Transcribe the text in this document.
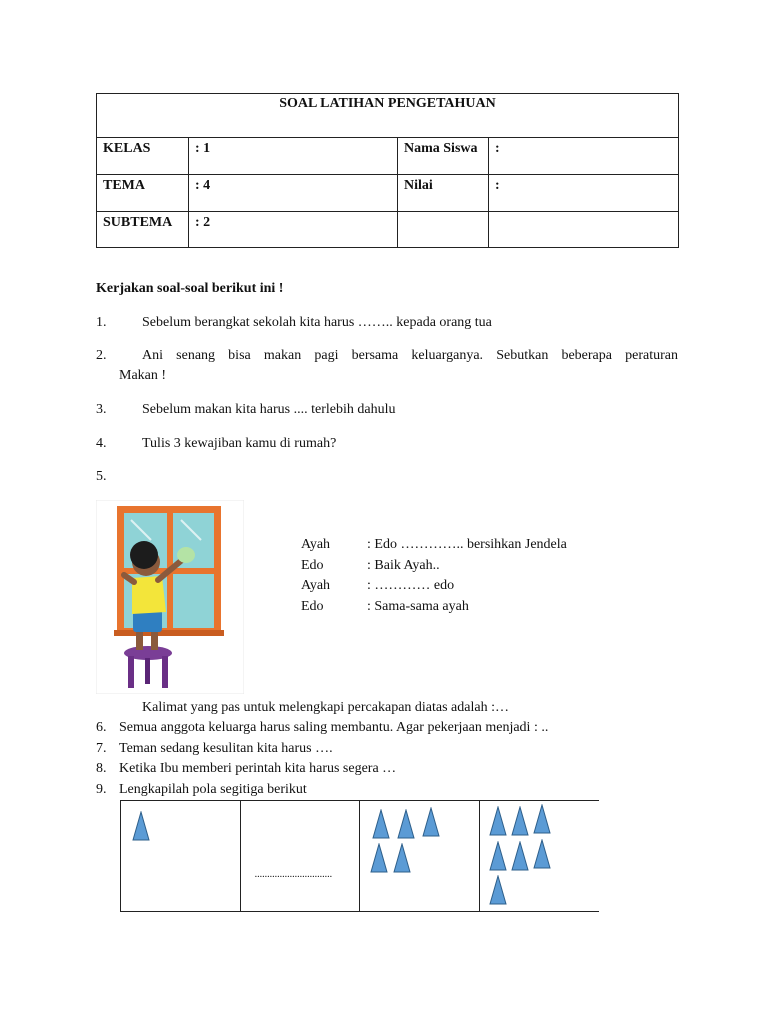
SOAL LATIHAN PENGETAHUAN			
KELAS	: 1	Nama Siswa	:
TEMA	: 4	Nilai	:
SUBTEMA	: 2		
Kerjakan soal-soal berikut ini !
1.	Sebelum berangkat sekolah kita harus …….. kepada orang tua
2.	Ani senang bisa makan pagi bersama keluarganya. Sebutkan beberapa peraturan
Makan !
3.	Sebelum makan kita harus .... terlebih dahulu
4.	Tulis 3 kewajiban kamu di rumah?
5.
Ayah	: Edo ………….. bersihkan Jendela
Edo	: Baik Ayah..
Ayah	: ………… edo
Edo	: Sama-sama ayah
Kalimat yang pas untuk melengkapi percakapan diatas adalah :…
6. Semua anggota keluarga harus saling membantu. Agar pekerjaan menjadi : ..
7. Teman sedang kesulitan kita harus ….
8. Ketika Ibu memberi perintah kita harus segera …
9. Lengkapilah pola segitiga berikut

...............................
